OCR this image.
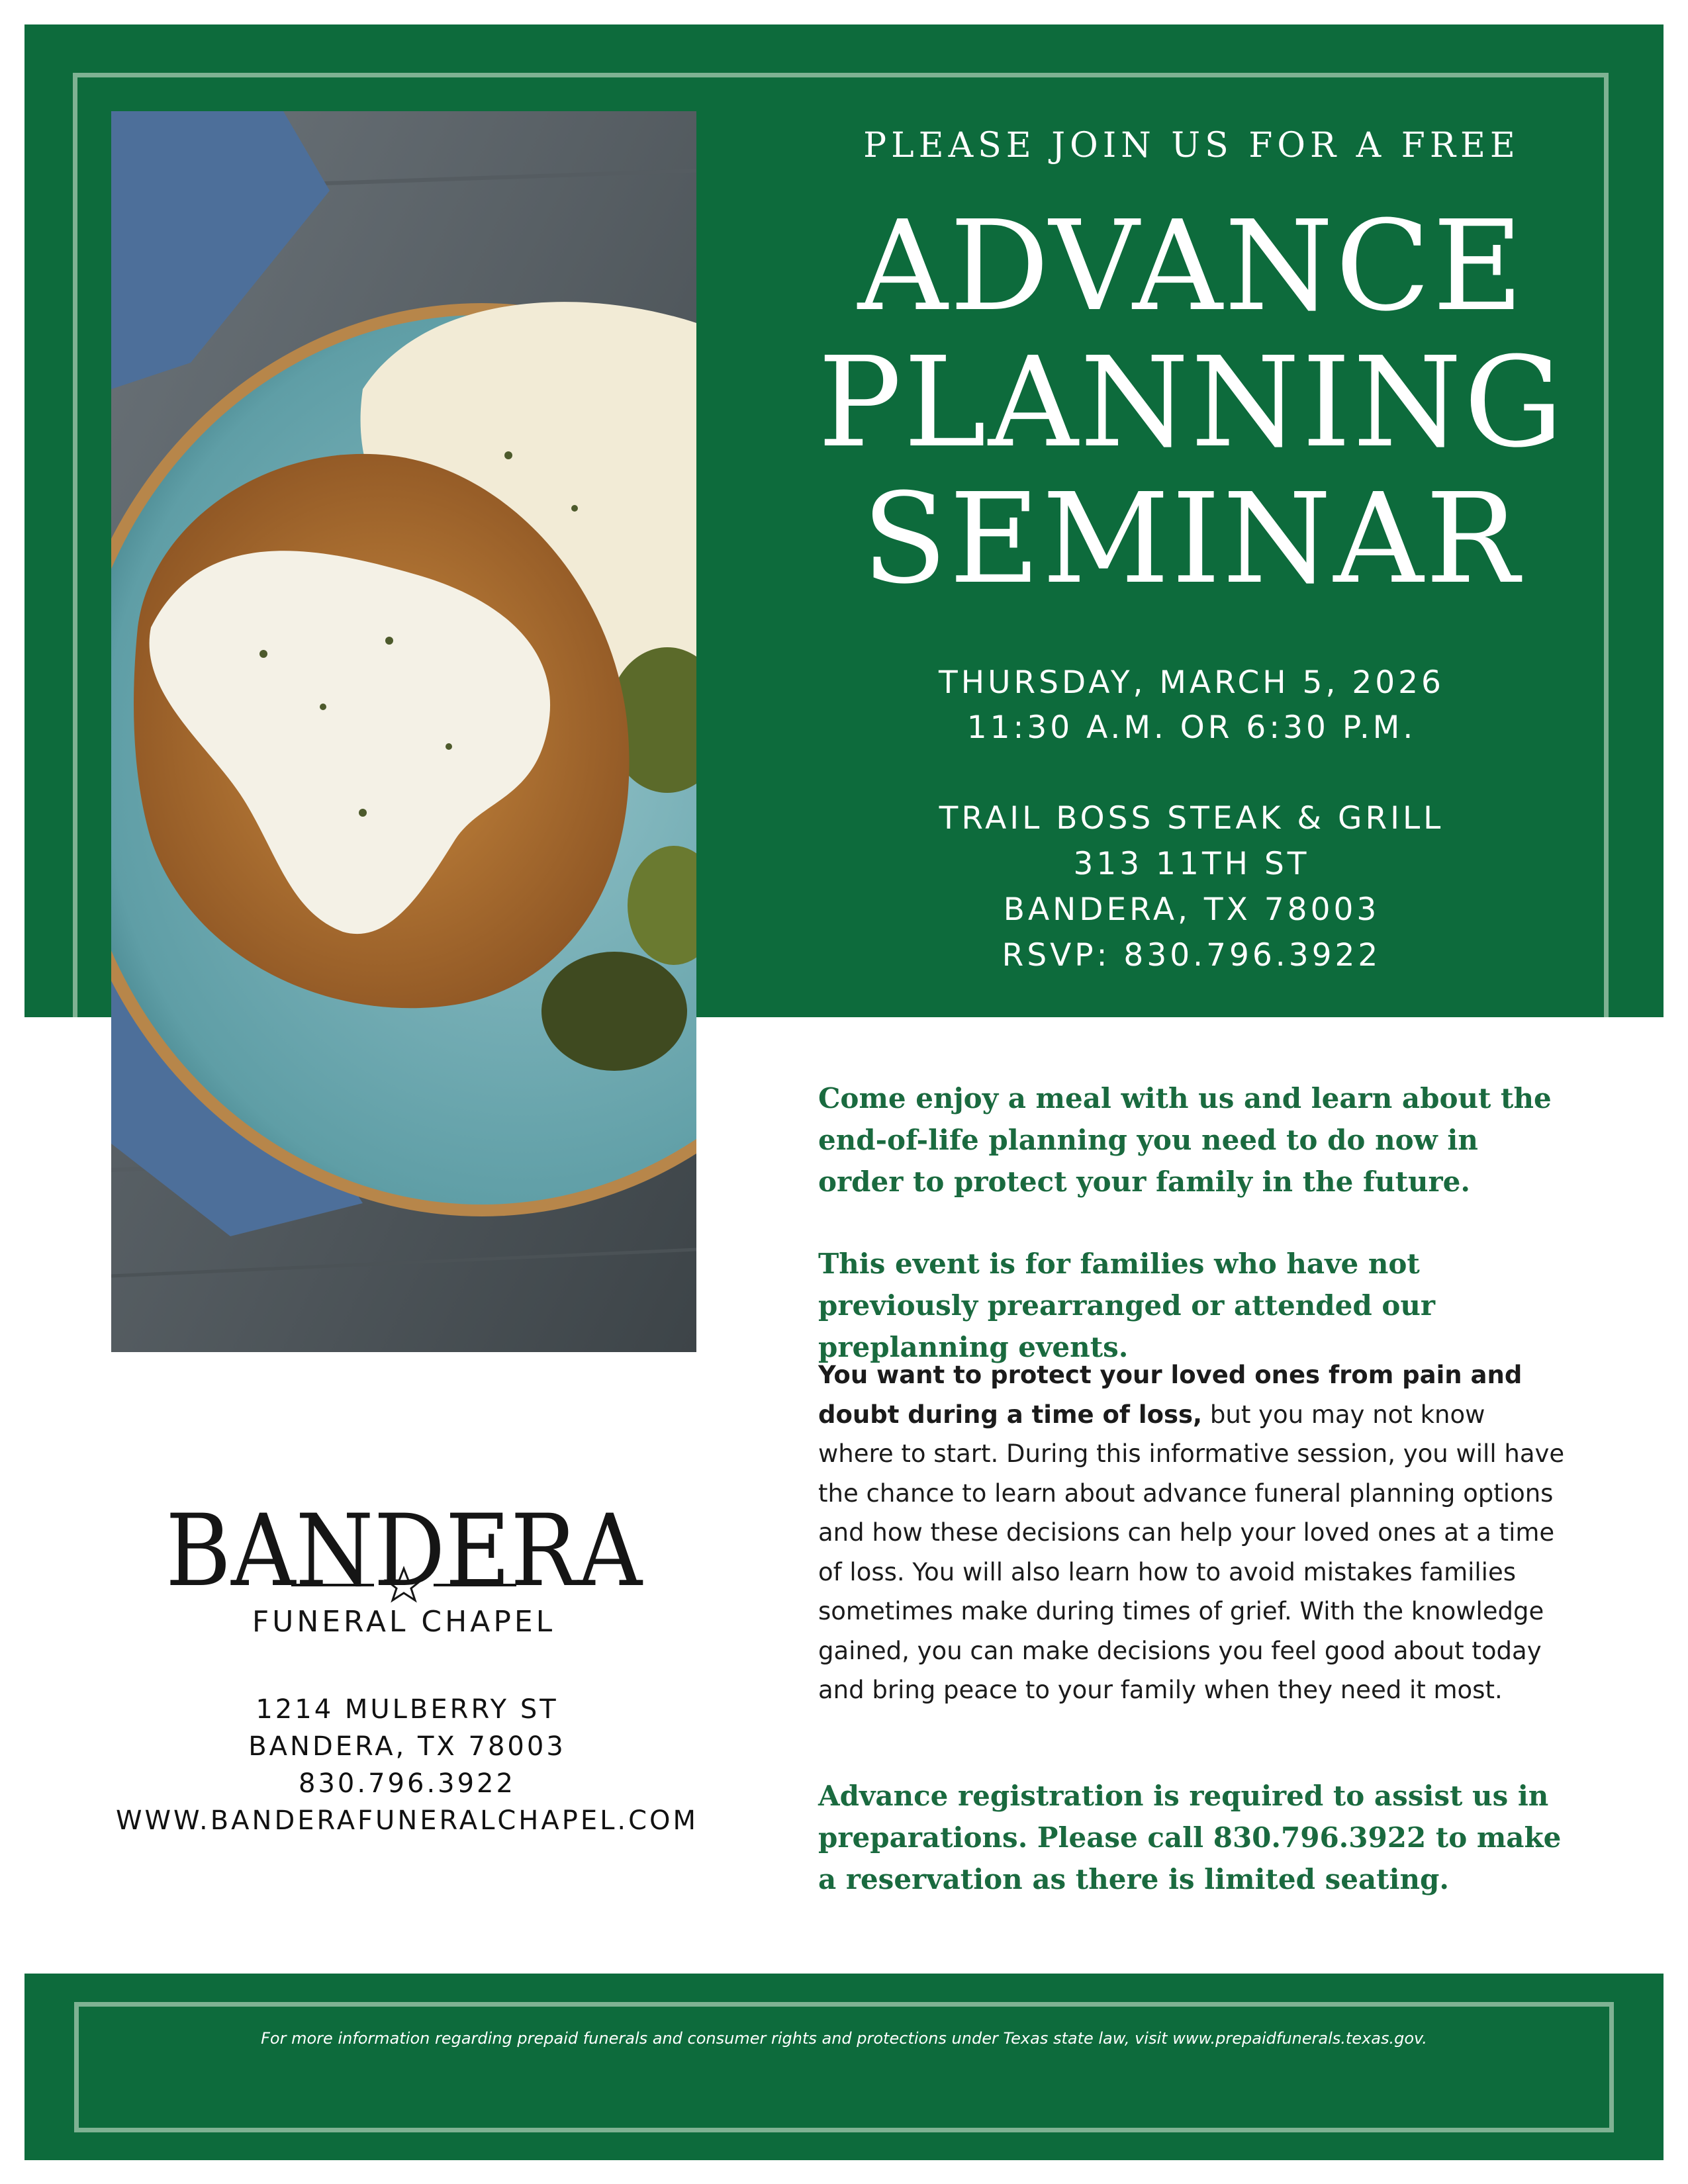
PLEASE JOIN US FOR A FREE
ADVANCE
PLANNING
SEMINAR
THURSDAY, MARCH 5, 2026
11:30 A.M. OR 6:30 P.M.
TRAIL BOSS STEAK & GRILL
313 11TH ST
BANDERA, TX 78003
RSVP: 830.796.3922
Come enjoy a meal with us and learn about the end-of-life planning you need to do now in order to protect your family in the future.
This event is for families who have not previously prearranged or attended our preplanning events.
You want to protect your loved ones from pain and doubt during a time of loss, but you may not know where to start. During this informative session, you will have the chance to learn about advance funeral planning options and how these decisions can help your loved ones at a time of loss. You will also learn how to avoid mistakes families sometimes make during times of grief. With the knowledge gained, you can make decisions you feel good about today and bring peace to your family when they need it most.
Advance registration is required to assist us in preparations. Please call 830.796.3922 to make a reservation as there is limited seating.
BANDERA
FUNERAL CHAPEL
1214 MULBERRY ST
BANDERA, TX 78003
830.796.3922
WWW.BANDERAFUNERALCHAPEL.COM
For more information regarding prepaid funerals and consumer rights and protections under Texas state law, visit www.prepaidfunerals.texas.gov.
